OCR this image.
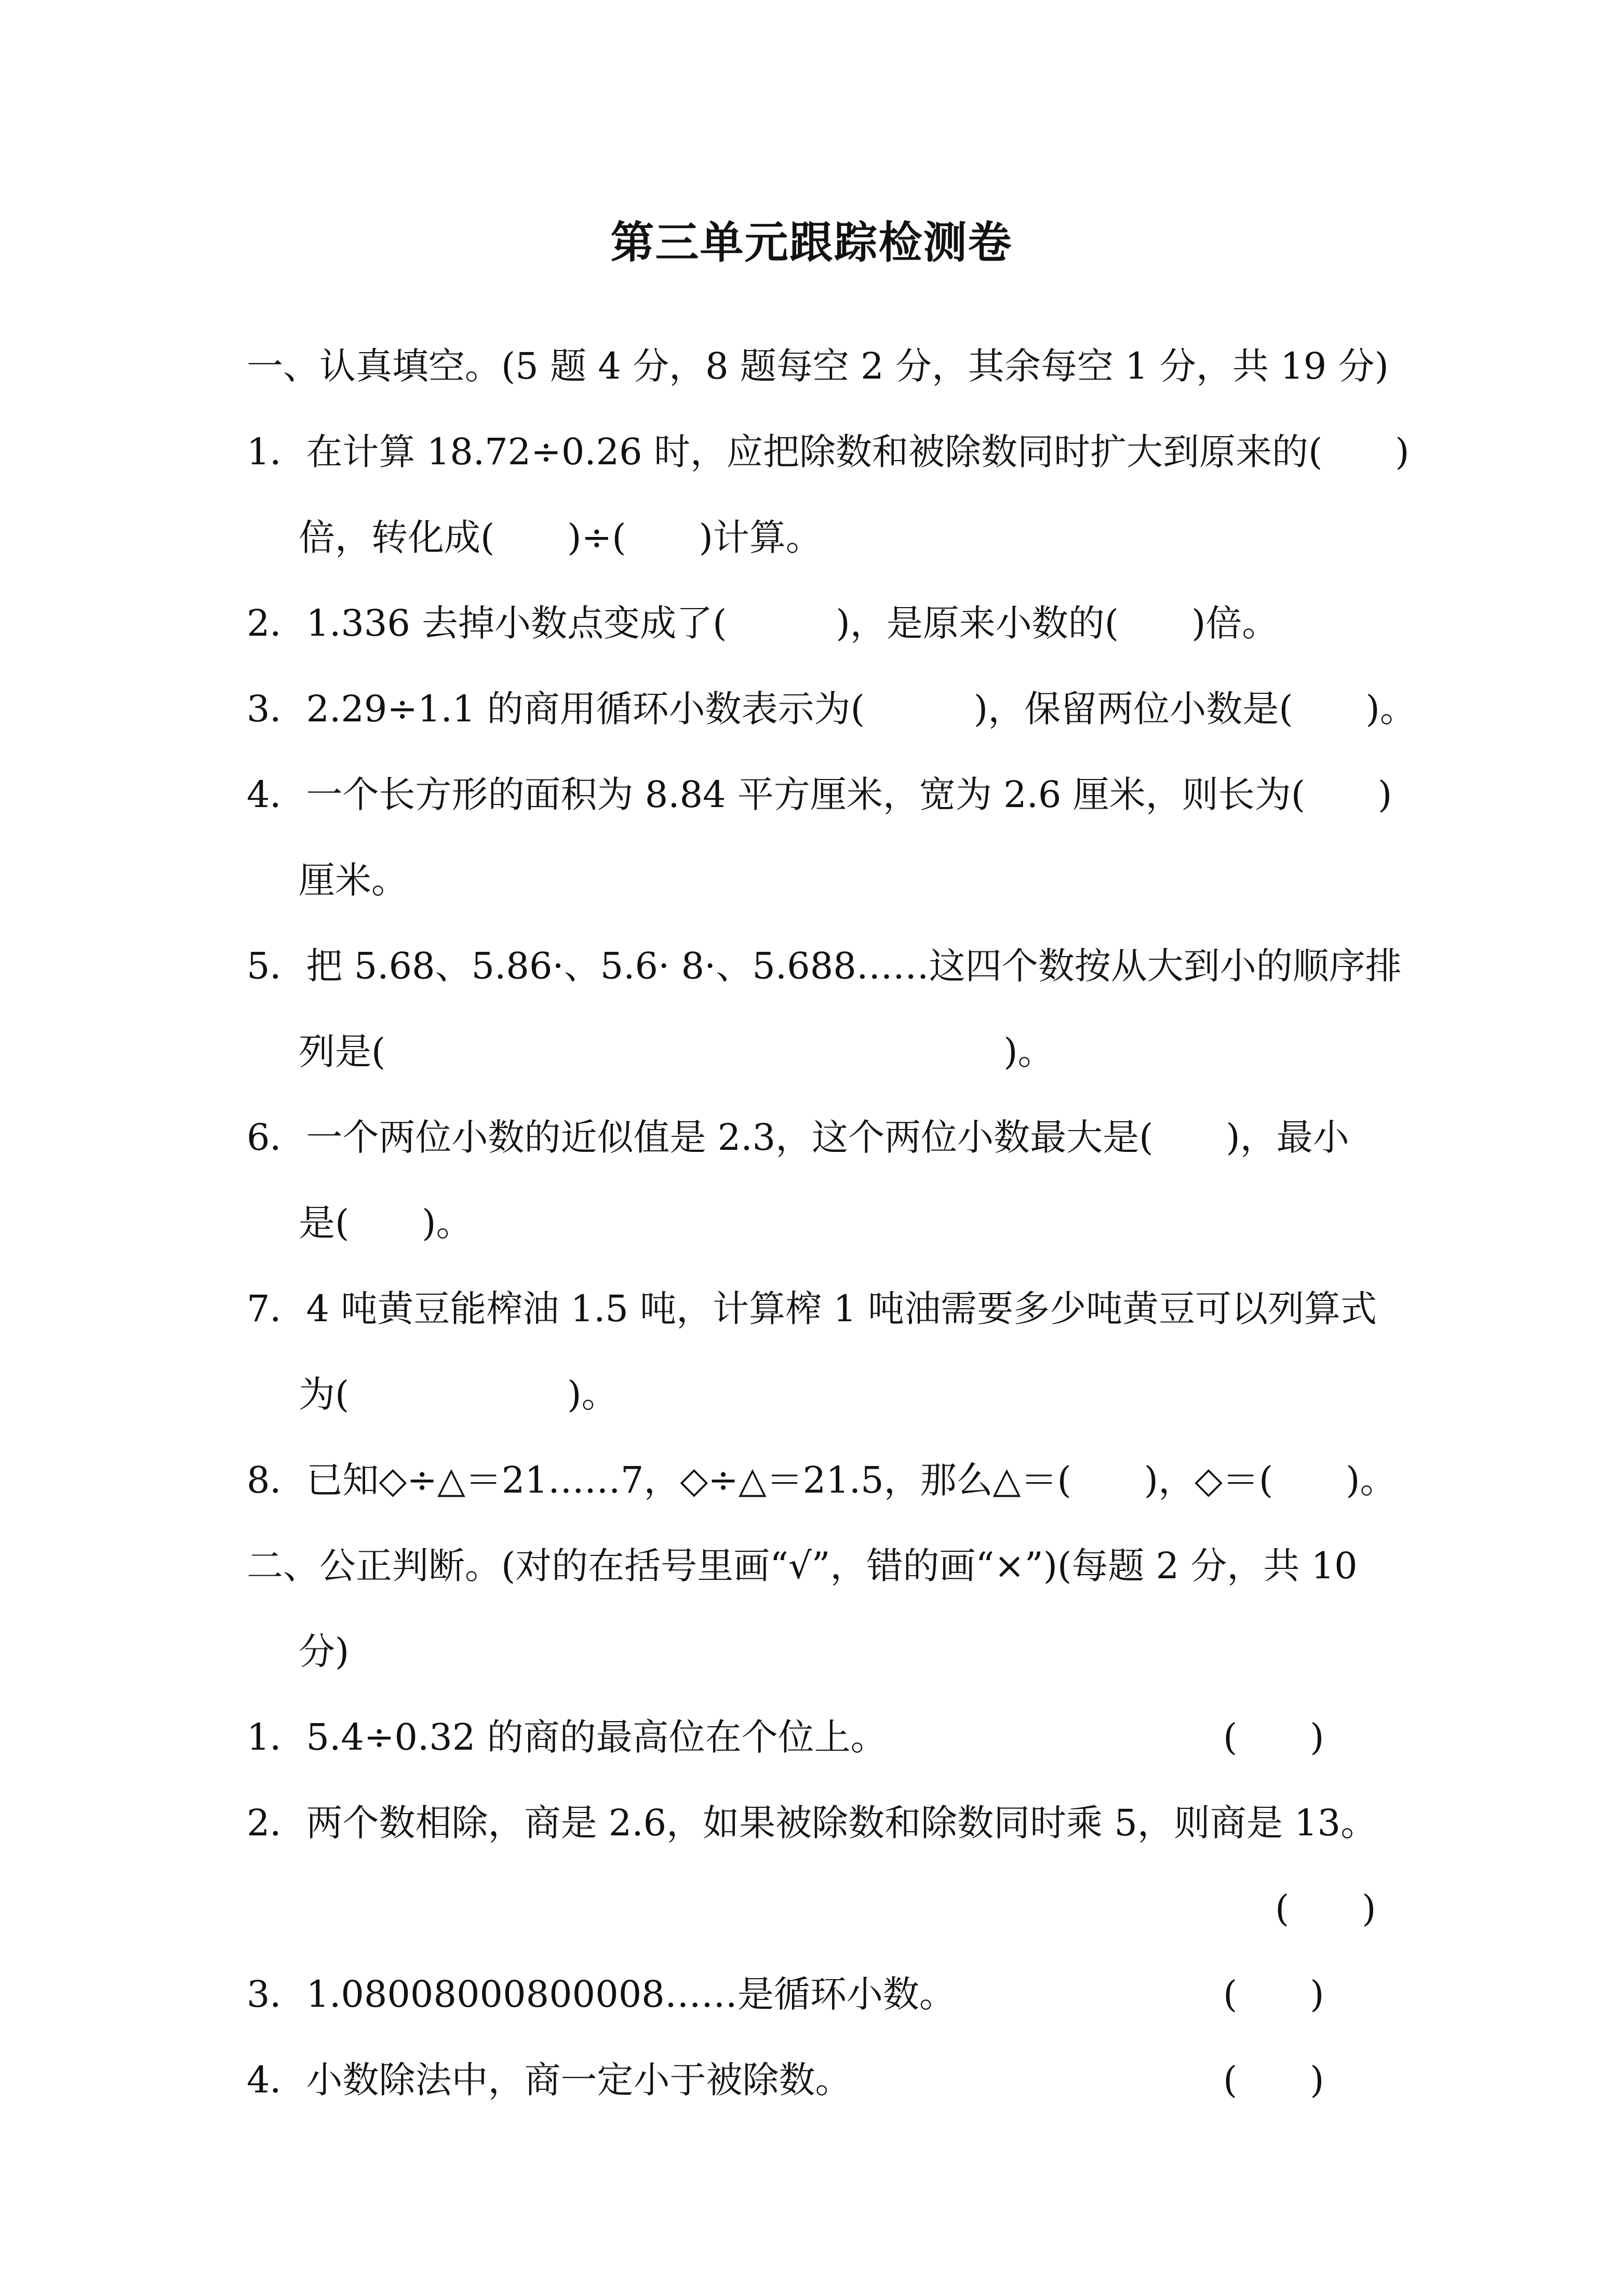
第三单元跟踪检测卷
一、认真填空。(5 题 4 分，8 题每空 2 分，其余每空 1 分，共 19 分)
1．在计算 18.72÷0.26 时，应把除数和被除数同时扩大到原来的(　　)
倍，转化成(　　)÷(　　)计算。
2．1.336 去掉小数点变成了(　　　)，是原来小数的(　　)倍。
3．2.29÷1.1 的商用循环小数表示为(　　　)，保留两位小数是(　　)。
4．一个长方形的面积为 8.84 平方厘米，宽为 2.6 厘米，则长为(　　)
厘米。
5．把 5.68、5.86·、5.6· 8·、5.688……这四个数按从大到小的顺序排
列是(　　　　　　　　　　　　　　　　　)。
6．一个两位小数的近似值是 2.3，这个两位小数最大是(　　)，最小
是(　　)。
7．4 吨黄豆能榨油 1.5 吨，计算榨 1 吨油需要多少吨黄豆可以列算式
为(　　　　　　)。
8．已知◇÷△＝21……7，◇÷△＝21.5，那么△＝(　　)，◇＝(　　)。
二、公正判断。(对的在括号里画“√”，错的画“×”)(每题 2 分，共 10
分)
1．5.4÷0.32 的商的最高位在个位上。	(　　)
2．两个数相除，商是 2.6，如果被除数和除数同时乘 5，则商是 13。
(　　)
3．1.08008000800008……是循环小数。	(　　)
4．小数除法中，商一定小于被除数。	(　　)
